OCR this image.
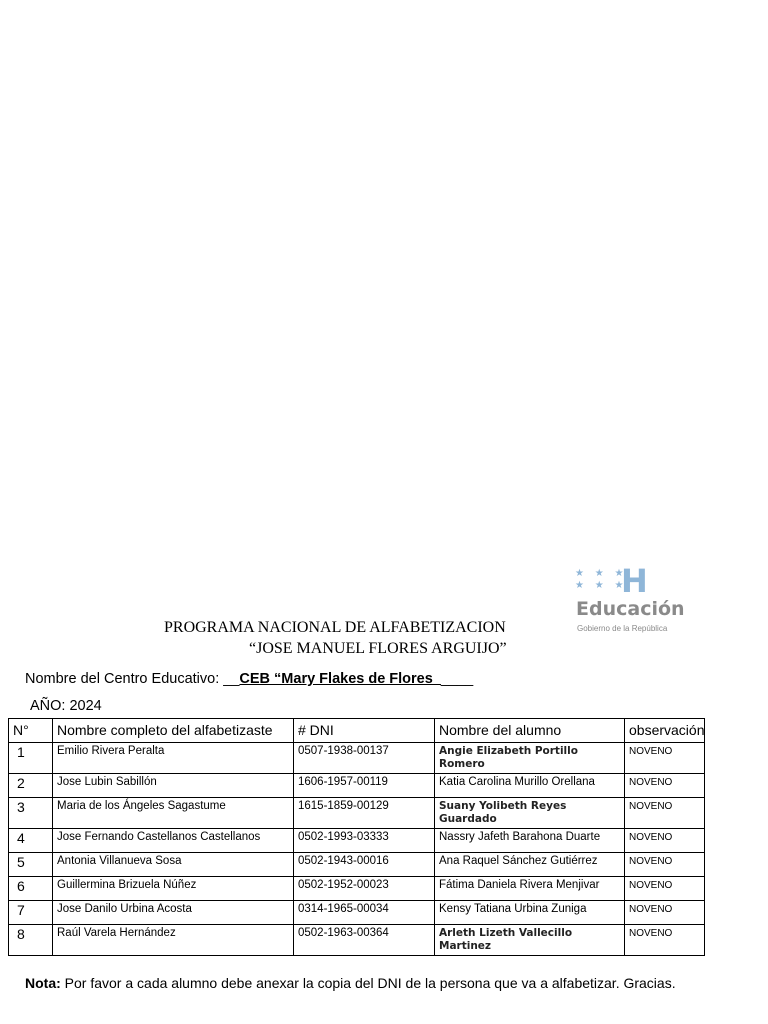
★ ★ ★
★ ★ ★
H
Educación
Gobierno de la República
PROGRAMA NACIONAL DE ALFABETIZACION
“JOSE MANUEL FLORES ARGUIJO”
Nombre del Centro Educativo: __CEB “Mary Flakes de Flores_____
AÑO: 2024
N°	Nombre completo del alfabetizaste	# DNI	Nombre del alumno	observación
1	Emilio Rivera Peralta	0507-1938-00137	Angie Elizabeth Portillo Romero	NOVENO
2	Jose Lubin Sabillón	1606-1957-00119	Katia Carolina Murillo Orellana	NOVENO
3	Maria de los Ángeles Sagastume	1615-1859-00129	Suany Yolibeth Reyes Guardado	NOVENO
4	Jose Fernando Castellanos Castellanos	0502-1993-03333	Nassry Jafeth Barahona Duarte	NOVENO
5	Antonia Villanueva Sosa	0502-1943-00016	Ana Raquel Sánchez Gutiérrez	NOVENO
6	Guillermina Brizuela Núñez	0502-1952-00023	Fátima Daniela Rivera Menjivar	NOVENO
7	Jose Danilo Urbina Acosta	0314-1965-00034	Kensy Tatiana Urbina Zuniga	NOVENO
8	Raúl Varela Hernández	0502-1963-00364	Arleth Lizeth Vallecillo Martinez	NOVENO
Nota: Por favor a cada alumno debe anexar la copia del DNI de la persona que va a alfabetizar. Gracias.
